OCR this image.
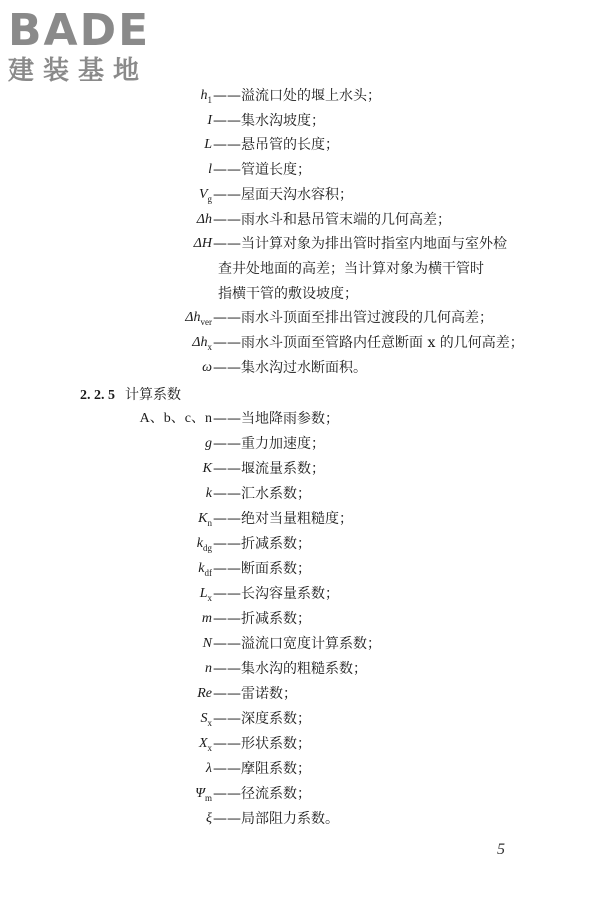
BADE
建装基地
$h_1$ ——溢流口处的堰上水头；
I ——集水沟坡度；
L ——悬吊管的长度；
l ——管道长度；
$V_g$ ——屋面天沟水容积；
Δh ——雨水斗和悬吊管末端的几何高差；
ΔH ——当计算对象为排出管时指室内地面与室外检
查井处地面的高差；当计算对象为横干管时
指横干管的敷设坡度；
$\Delta h_{ver}$ ——雨水斗顶面至排出管过渡段的几何高差；
$\Delta h_x$ ——雨水斗顶面至管路内任意断面 x 的几何高差；
ω ——集水沟过水断面积。
2. 2. 5 计算系数
A、b、c、n ——当地降雨参数；
g ——重力加速度；
K ——堰流量系数；
k ——汇水系数；
$K_n$ ——绝对当量粗糙度；
$k_{dg}$ ——折减系数；
$k_{df}$ ——断面系数；
$L_x$ ——长沟容量系数；
m ——折减系数；
N ——溢流口宽度计算系数；
n ——集水沟的粗糙系数；
Re ——雷诺数；
$S_x$ ——深度系数；
$X_x$ ——形状系数；
λ ——摩阻系数；
$\Psi_m$ ——径流系数；
ξ ——局部阻力系数。
5
